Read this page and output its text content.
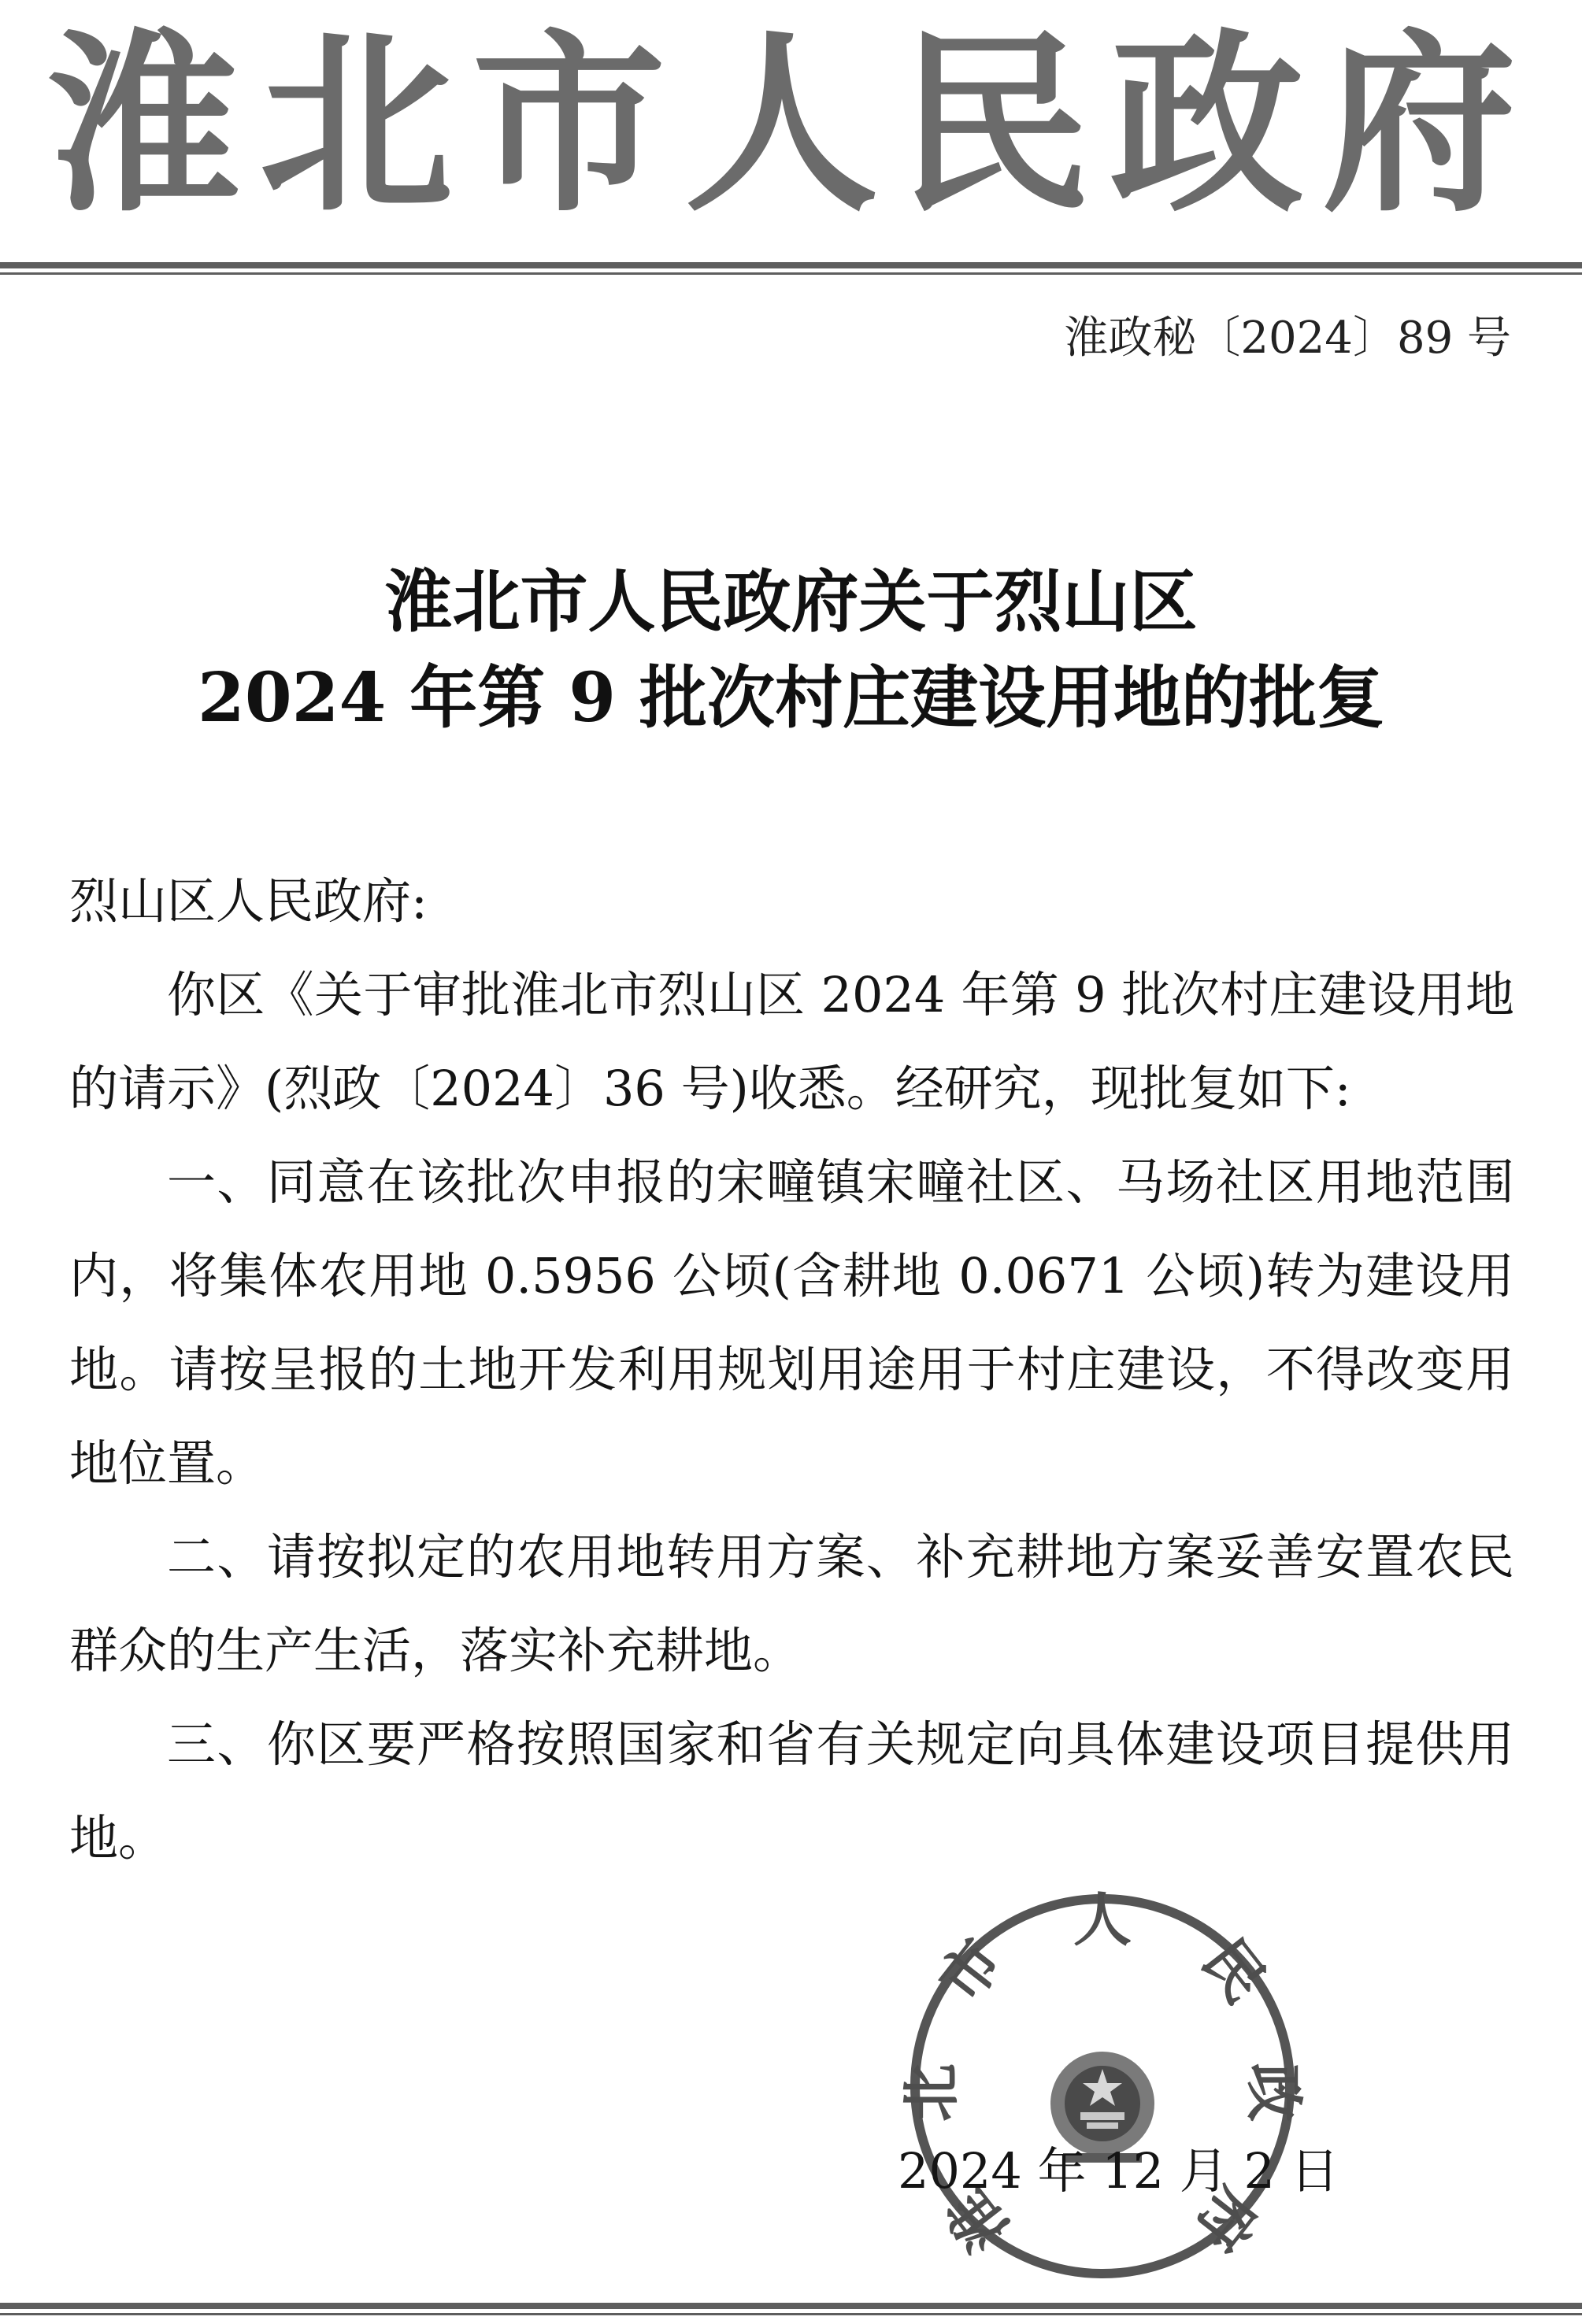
淮北市人民政府
淮政秘〔2024〕89 号
淮北市人民政府关于烈山区
2024 年第 9 批次村庄建设用地的批复

烈山区人民政府:

你区《关于审批淮北市烈山区 2024 年第 9 批次村庄建设用地的请示》(烈政〔2024〕36 号)收悉。经研究，现批复如下:

一、同意在该批次申报的宋疃镇宋疃社区、马场社区用地范围内，将集体农用地 0.5956 公顷(含耕地 0.0671 公顷)转为建设用地。请按呈报的土地开发利用规划用途用于村庄建设，不得改变用地位置。

二、请按拟定的农用地转用方案、补充耕地方案妥善安置农民群众的生产生活，落实补充耕地。

三、你区要严格按照国家和省有关规定向具体建设项目提供用地。

淮
北
市
人
民
政
府
2024 年 12 月 2 日
